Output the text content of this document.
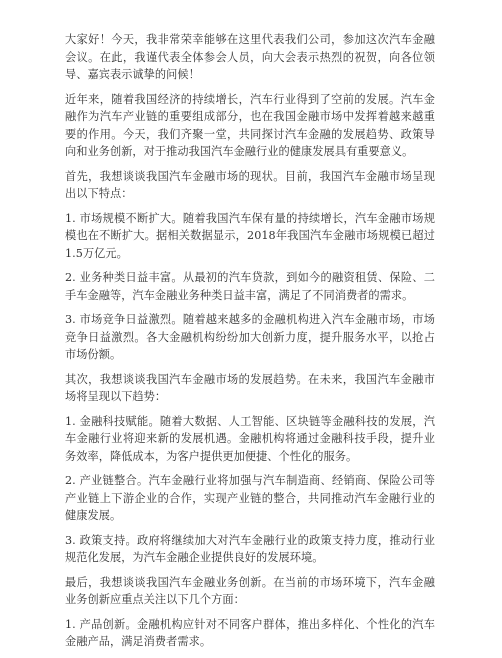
大家好！今天，我非常荣幸能够在这里代表我们公司，参加这次汽车金融会议。在此，我谨代表全体参会人员，向大会表示热烈的祝贺，向各位领导、嘉宾表示诚挚的问候！

近年来，随着我国经济的持续增长，汽车行业得到了空前的发展。汽车金融作为汽车产业链的重要组成部分，也在我国金融市场中发挥着越来越重要的作用。今天，我们齐聚一堂，共同探讨汽车金融的发展趋势、政策导向和业务创新，对于推动我国汽车金融行业的健康发展具有重要意义。

首先，我想谈谈我国汽车金融市场的现状。目前，我国汽车金融市场呈现出以下特点：

1. 市场规模不断扩大。随着我国汽车保有量的持续增长，汽车金融市场规模也在不断扩大。据相关数据显示，2018年我国汽车金融市场规模已超过1.5万亿元。

2. 业务种类日益丰富。从最初的汽车贷款，到如今的融资租赁、保险、二手车金融等，汽车金融业务种类日益丰富，满足了不同消费者的需求。

3. 市场竞争日益激烈。随着越来越多的金融机构进入汽车金融市场，市场竞争日益激烈。各大金融机构纷纷加大创新力度，提升服务水平，以抢占市场份额。

其次，我想谈谈我国汽车金融市场的发展趋势。在未来，我国汽车金融市场将呈现以下趋势：

1. 金融科技赋能。随着大数据、人工智能、区块链等金融科技的发展，汽车金融行业将迎来新的发展机遇。金融机构将通过金融科技手段，提升业务效率，降低成本，为客户提供更加便捷、个性化的服务。

2. 产业链整合。汽车金融行业将加强与汽车制造商、经销商、保险公司等产业链上下游企业的合作，实现产业链的整合，共同推动汽车金融行业的健康发展。

3. 政策支持。政府将继续加大对汽车金融行业的政策支持力度，推动行业规范化发展，为汽车金融企业提供良好的发展环境。

最后，我想谈谈我国汽车金融业务创新。在当前的市场环境下，汽车金融业务创新应重点关注以下几个方面：

1. 产品创新。金融机构应针对不同客户群体，推出多样化、个性化的汽车金融产品，满足消费者需求。
